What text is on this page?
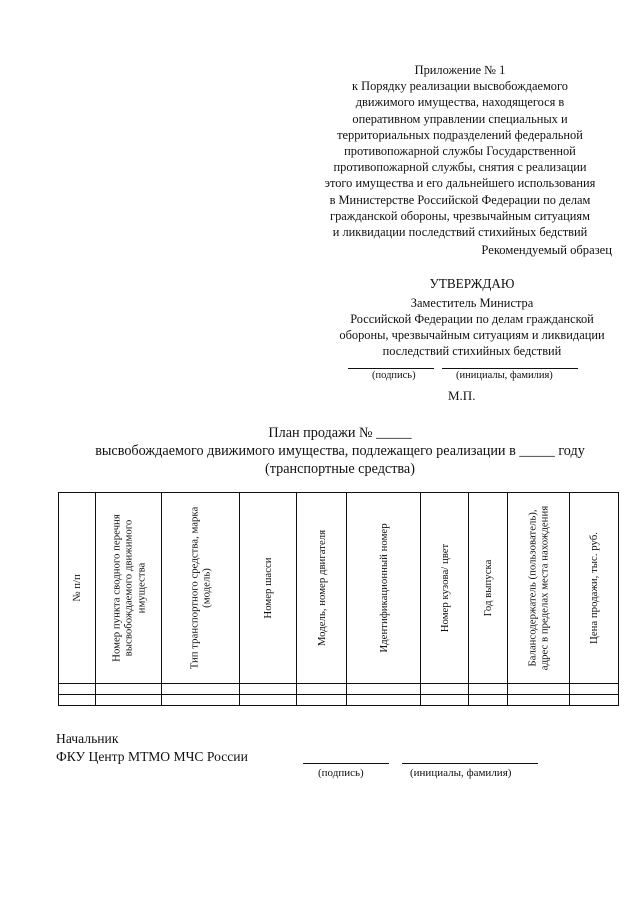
Приложение № 1
к Порядку реализации высвобождаемого
движимого имущества, находящегося в
оперативном управлении специальных и
территориальных подразделений федеральной
противопожарной службы Государственной
противопожарной службы, снятия с реализации
этого имущества и его дальнейшего использования
в Министерстве Российской Федерации по делам
гражданской обороны, чрезвычайным ситуациям
и ликвидации последствий стихийных бедствий
Рекомендуемый образец
УТВЕРЖДАЮ
Заместитель Министра
Российской Федерации по делам гражданской
обороны, чрезвычайным ситуациям и ликвидации
последствий стихийных бедствий
(подпись)	(инициалы, фамилия)
М.П.
План продажи № _____
высвобождаемого движимого имущества, подлежащего реализации в _____ году
(транспортные средства)
№ п/п	Номер пункта сводного перечня высвобождаемого движимого имущества	Тип транспортного средства, марка (модель)	Номер шасси	Модель, номер двигателя	Идентификационный номер	Номер кузова/ цвет	Год выпуска	Балансодержатель (пользователь), адрес в пределах места нахождения	Цена продажи, тыс. руб.

Начальник
ФКУ Центр МТМО МЧС России
(подпись)	(инициалы, фамилия)
